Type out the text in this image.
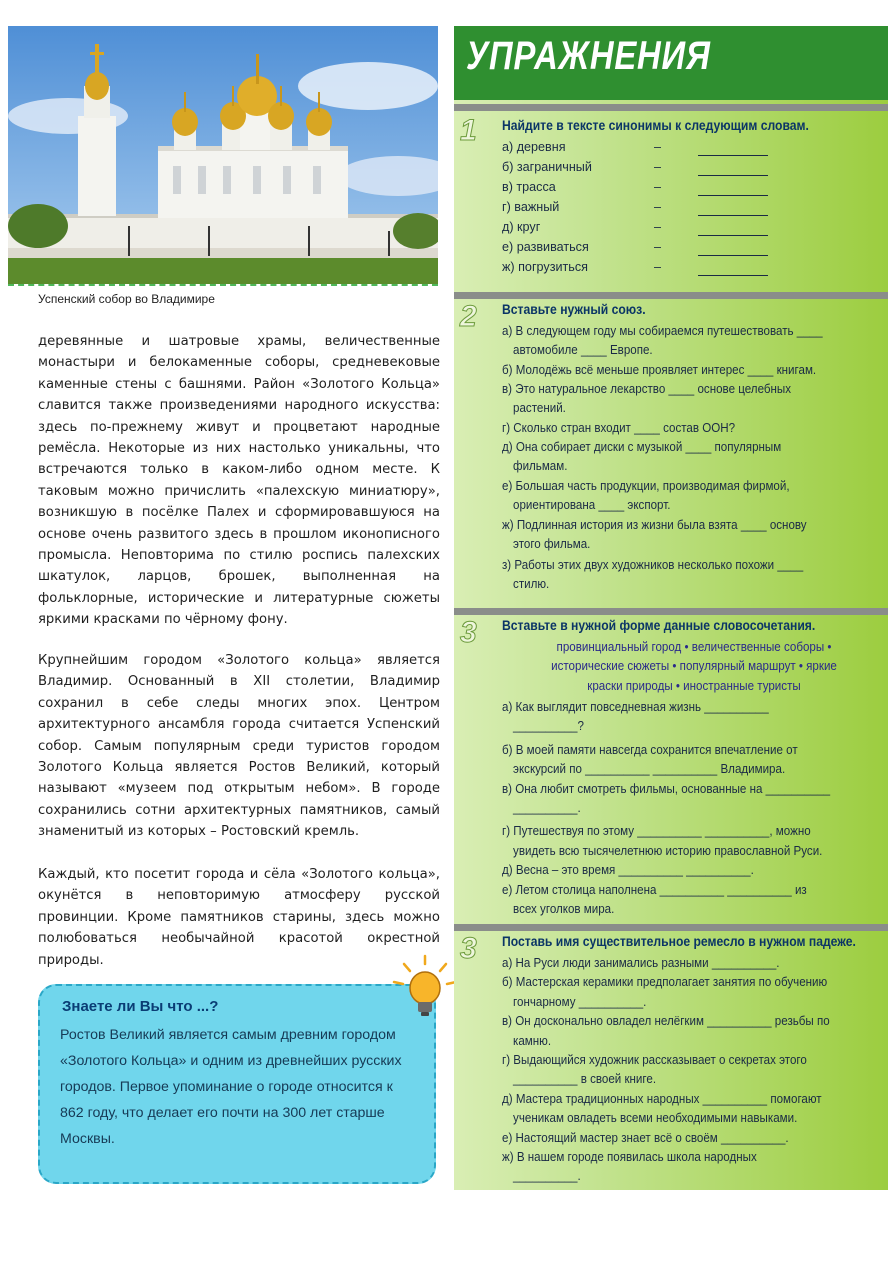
Успенский собор во Владимире

деревянные и шатровые храмы, величественные монастыри и белокаменные соборы, средневековые каменные стены с башнями. Район «Золотого Кольца» славится также произведениями народного искусства: здесь по-прежнему живут и процветают народные ремёсла. Некоторые из них настолько уникальны, что встречаются только в каком-либо одном месте. К таковым можно причислить «палехскую миниатюру», возникшую в посёлке Палех и сформировавшуюся на основе очень развитого здесь в прошлом иконописного промысла. Неповторима по стилю роспись палехских шкатулок, ларцов, брошек, выполненная на фольклорные, исторические и литературные сюжеты яркими красками по чёрному фону.

Крупнейшим городом «Золотого кольца» является Владимир. Основанный в XII столетии, Владимир сохранил в себе следы многих эпох. Центром архитектурного ансамбля города считается Успенский собор. Самым популярным среди туристов городом Золотого Кольца является Ростов Великий, который называют «музеем под открытым небом». В городе сохранились сотни архитектурных памятников, самый знаменитый из которых – Ростовский кремль.

Каждый, кто посетит города и сёла «Золотого кольца», окунётся в неповторимую атмосферу русской провинции. Кроме памятников старины, здесь можно полюбоваться необычайной красотой окрестной природы.

Знаете ли Вы что ...?
Ростов Великий является самым древним городом «Золотого Кольца» и одним из древнейших русских городов. Первое упоминание о городе относится к 862 году, что делает его почти на 300 лет старше Москвы.
УПРАЖНЕНИЯ
1 Найдите в тексте синонимы к следующим словам.
а) деревня
б) заграничный
в) трасса
г) важный
д) круг
е) развиваться
ж) погрузиться
–
–
–
–
–
–
–
2 Вставьте нужный союз.
а) В следующем году мы собираемся путешествовать ____
автомобиле ____ Европе.
б) Молодёжь всё меньше проявляет интерес ____ книгам.
в) Это натуральное лекарство ____ основе целебных
растений.
г) Сколько стран входит ____ состав ООН?
д) Она собирает диски с музыкой ____ популярным
фильмам.
е) Большая часть продукции, производимая фирмой,
ориентирована ____ экспорт.
ж) Подлинная история из жизни была взята ____ основу
этого фильма.
з) Работы этих двух художников несколько похожи ____
стилю.
3 Вставьте в нужной форме данные словосочетания.
провинциальный город • величественные соборы •
исторические сюжеты • популярный маршрут • яркие
краски природы • иностранные туристы
а) Как выглядит повседневная жизнь __________
__________?
б) В моей памяти навсегда сохранится впечатление от
экскурсий по __________ __________ Владимира.
в) Она любит смотреть фильмы, основанные на __________
__________.
г) Путешествуя по этому __________ __________, можно
увидеть всю тысячелетнюю историю православной Руси.
д) Весна – это время __________ __________.
е) Летом столица наполнена __________ __________ из
всех уголков мира.
3 Поставь имя существительное ремесло в нужном падеже.
а) На Руси люди занимались разными __________.
б) Мастерская керамики предполагает занятия по обучению
гончарному __________.
в) Он досконально овладел нелёгким __________ резьбы по
камню.
г) Выдающийся художник рассказывает о секретах этого
__________ в своей книге.
д) Мастера традиционных народных __________ помогают
ученикам овладеть всеми необходимыми навыками.
е) Настоящий мастер знает всё о своём __________.
ж) В нашем городе появилась школа народных
__________.
